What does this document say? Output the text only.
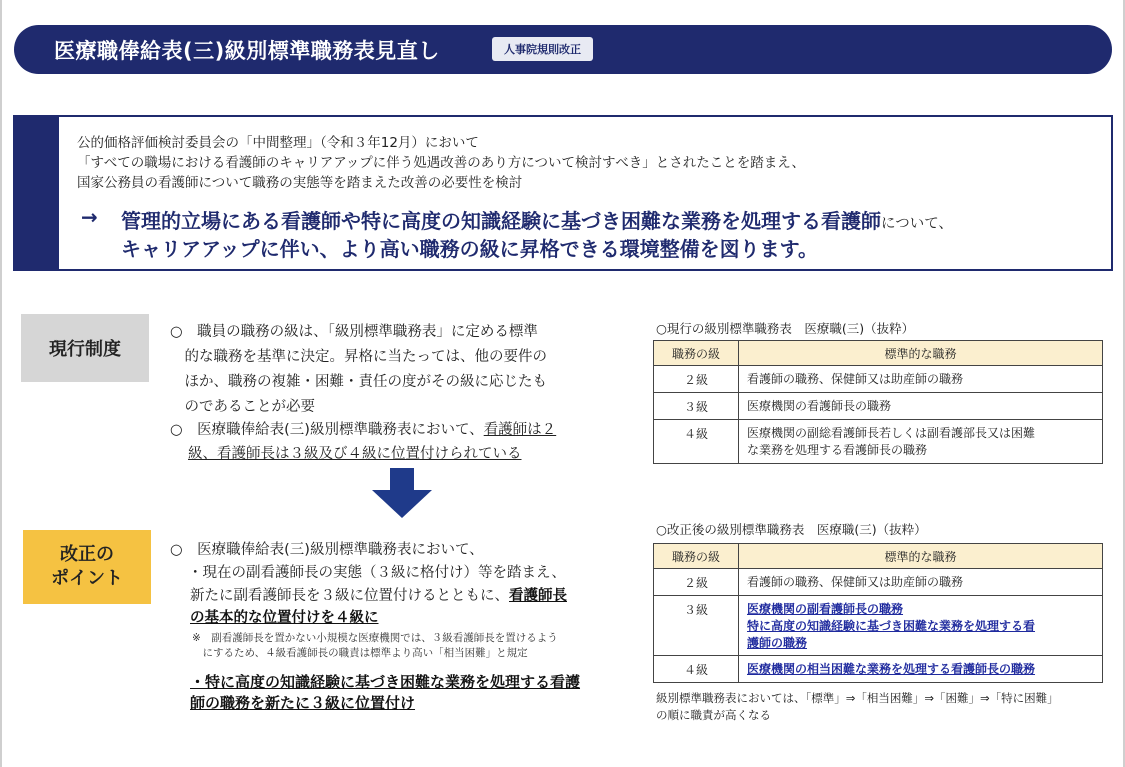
医療職俸給表(三)級別標準職務表見直し	人事院規則改正
公的価格評価検討委員会の「中間整理」（令和３年12月）において
「すべての職場における看護師のキャリアアップに伴う処遇改善のあり方について検討すべき」とされたことを踏まえ、
国家公務員の看護師について職務の実態等を踏まえた改善の必要性を検討
→ 管理的立場にある看護師や特に高度の知識経験に基づき困難な業務を処理する看護師について、
キャリアアップに伴い、より高い職務の級に昇格できる環境整備を図ります。
現行制度
○　職員の職務の級は、「級別標準職務表」に定める標準
　的な職務を基準に決定。昇格に当たっては、他の要件の
　ほか、職務の複雑・困難・責任の度がその級に応じたも
　のであることが必要
○　医療職俸給表(三)級別標準職務表において、看護師は２
級、看護師長は３級及び４級に位置付けられている
改正の
ポイント
○　医療職俸給表(三)級別標準職務表において、
・現在の副看護師長の実態（３級に格付け）等を踏まえ、
新たに副看護師長を３級に位置付けるとともに、看護師長
の基本的な位置付けを４級に
※　副看護師長を置かない小規模な医療機関では、３級看護師長を置けるよう
　にするため、４級看護師長の職責は標準より高い「相当困難」と規定
・特に高度の知識経験に基づき困難な業務を処理する看護
師の職務を新たに３級に位置付け
○現行の級別標準職務表　医療職(三)（抜粋）
職務の級	標準的な職務
２級	看護師の職務、保健師又は助産師の職務
３級	医療機関の看護師長の職務
４級	医療機関の副総看護師長若しくは副看護部長又は困難
な業務を処理する看護師長の職務
○改正後の級別標準職務表　医療職(三)（抜粋）
職務の級	標準的な職務
２級	看護師の職務、保健師又は助産師の職務
３級	医療機関の副看護師長の職務
特に高度の知識経験に基づき困難な業務を処理する看
護師の職務

４級	医療機関の相当困難な業務を処理する看護師長の職務
級別標準職務表においては、「標準」⇒「相当困難」⇒「困難」⇒「特に困難」
の順に職責が高くなる
